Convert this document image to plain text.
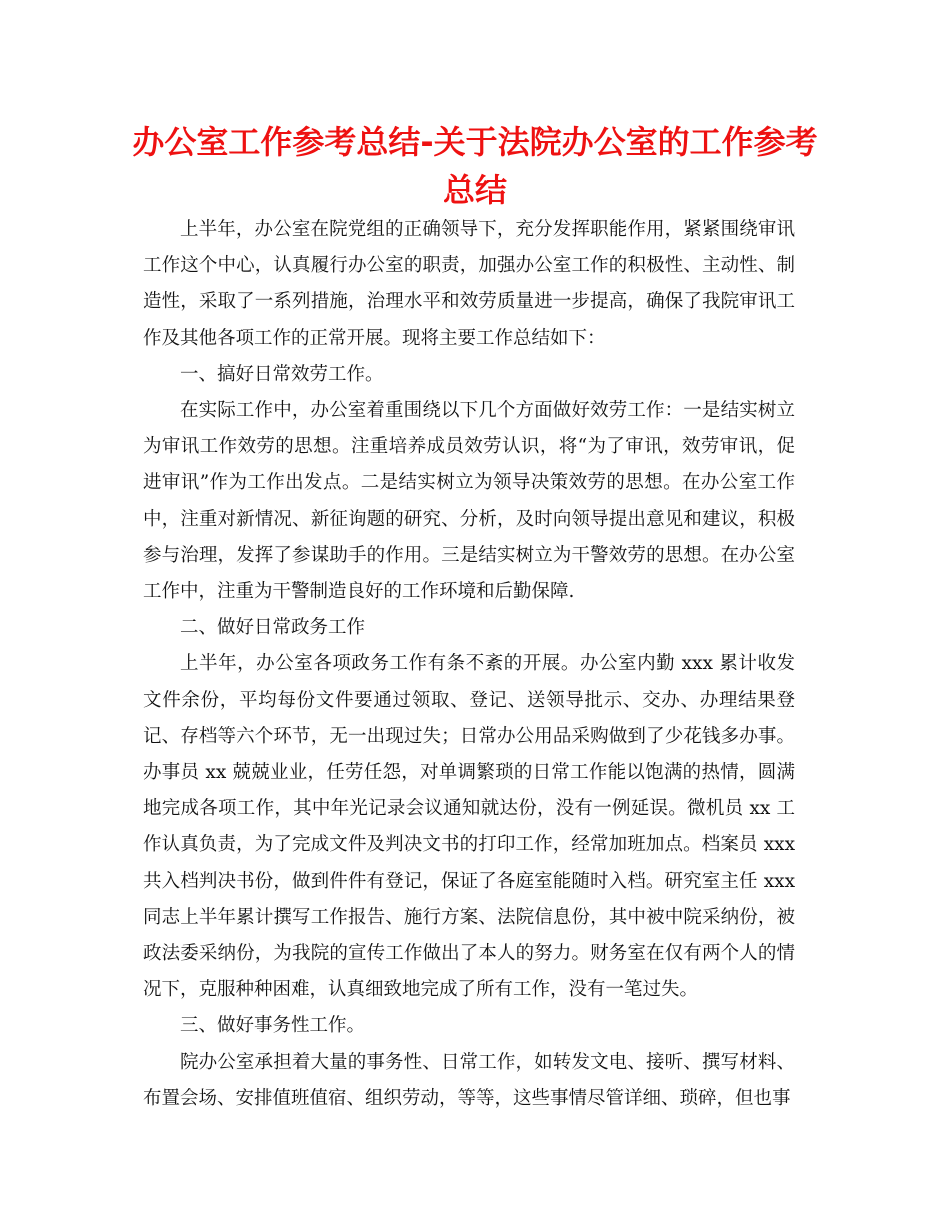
办公室工作参考总结-关于法院办公室的工作参考总结

上半年，办公室在院党组的正确领导下，充分发挥职能作用，紧紧围绕审讯工作这个中心，认真履行办公室的职责，加强办公室工作的积极性、主动性、制造性，采取了一系列措施，治理水平和效劳质量进一步提高，确保了我院审讯工作及其他各项工作的正常开展。现将主要工作总结如下：

一、搞好日常效劳工作。

在实际工作中，办公室着重围绕以下几个方面做好效劳工作：一是结实树立为审讯工作效劳的思想。注重培养成员效劳认识，将“为了审讯，效劳审讯，促进审讯”作为工作出发点。二是结实树立为领导决策效劳的思想。在办公室工作中，注重对新情况、新征询题的研究、分析，及时向领导提出意见和建议，积极参与治理，发挥了参谋助手的作用。三是结实树立为干警效劳的思想。在办公室工作中，注重为干警制造良好的工作环境和后勤保障.

二、做好日常政务工作

上半年，办公室各项政务工作有条不紊的开展。办公室内勤 xxx 累计收发文件余份，平均每份文件要通过领取、登记、送领导批示、交办、办理结果登记、存档等六个环节，无一出现过失；日常办公用品采购做到了少花钱多办事。办事员 xx 兢兢业业，任劳任怨，对单调繁琐的日常工作能以饱满的热情，圆满地完成各项工作，其中年光记录会议通知就达份，没有一例延误。微机员 xx 工作认真负责，为了完成文件及判决文书的打印工作，经常加班加点。档案员 xxx 共入档判决书份，做到件件有登记，保证了各庭室能随时入档。研究室主任 xxx 同志上半年累计撰写工作报告、施行方案、法院信息份，其中被中院采纳份，被政法委采纳份，为我院的宣传工作做出了本人的努力。财务室在仅有两个人的情况下，克服种种困难，认真细致地完成了所有工作，没有一笔过失。

三、做好事务性工作。

院办公室承担着大量的事务性、日常工作，如转发文电、接听、撰写材料、布置会场、安排值班值宿、组织劳动，等等，这些事情尽管详细、琐碎，但也事
